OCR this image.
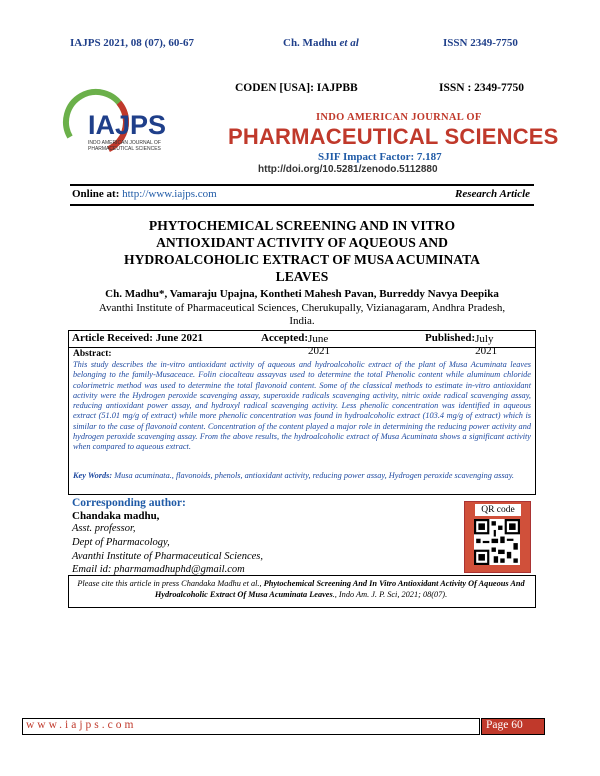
IAJPS 2021, 08 (07), 60-67	Ch. Madhu et al	ISSN 2349-7750
IAJPS
INDO AMERICAN JOURNAL OF
PHARMACEUTICAL SCIENCES
CODEN [USA]: IAJPBB	ISSN : 2349-7750
INDO AMERICAN JOURNAL OF
PHARMACEUTICAL SCIENCES
SJIF Impact Factor: 7.187
http://doi.org/10.5281/zenodo.5112880
Online at: http://www.iajps.com	Research Article
PHYTOCHEMICAL SCREENING AND IN VITRO
ANTIOXIDANT ACTIVITY OF AQUEOUS AND
HYDROALCOHOLIC EXTRACT OF MUSA ACUMINATA
LEAVES
Ch. Madhu*, Vamaraju Upajna, Kontheti Mahesh Pavan, Burreddy Navya Deepika
Avanthi Institute of Pharmaceutical Sciences, Cherukupally, Vizianagaram, Andhra Pradesh,
India.
Article Received: June 2021	Accepted: June 2021
Published: July 2021
Abstract:
This study describes the in-vitro antioxidant activity of aqueous and hydroalcoholic extract of the plant of Musa Acuminata leaves belonging to the family-Musaceace. Folin ciocalteau assayvas used to determine the total Phenolic content while aluminum chloride colorimetric method was used to determine the total flavonoid content. Some of the classical methods to estimate in-vitro antioxidant activity were the Hydrogen peroxide scavenging assay, superoxide radicals scavenging activity, nitric oxide radical scavenging assay, reducing antioxidant power assay, and hydroxyl radical scavenging activity. Less phenolic concentration was identified in aqueous extract (51.01 mg/g of extract) while more phenolic concentration was found in hydroalcoholic extract (103.4 mg/g of extract) which is similar to the case of flavonoid content. Concentration of the content played a major role in determining the reducing power activity and hydrogen peroxide scavenging assay. From the above results, the hydroalcoholic extract of Musa Acuminata shows a significant activity when compared to aqueous extract.
Key Words: Musa acuminata., flavonoids, phenols, antioxidant activity, reducing power assay, Hydrogen peroxide scavenging assay.
Corresponding author:
Chandaka madhu,
Asst. professor,
Dept of Pharmacology,
Avanthi Institute of Pharmaceutical Sciences,
Email id: pharmamadhuphd@gmail.com
QR code
Please cite this article in press Chandaka Madhu et al., Phytochemical Screening And In Vitro Antioxidant Activity Of Aqueous And Hydroalcoholic Extract Of Musa Acuminata Leaves., Indo Am. J. P. Sci, 2021; 08(07).
www.iajps.com	Page 60
